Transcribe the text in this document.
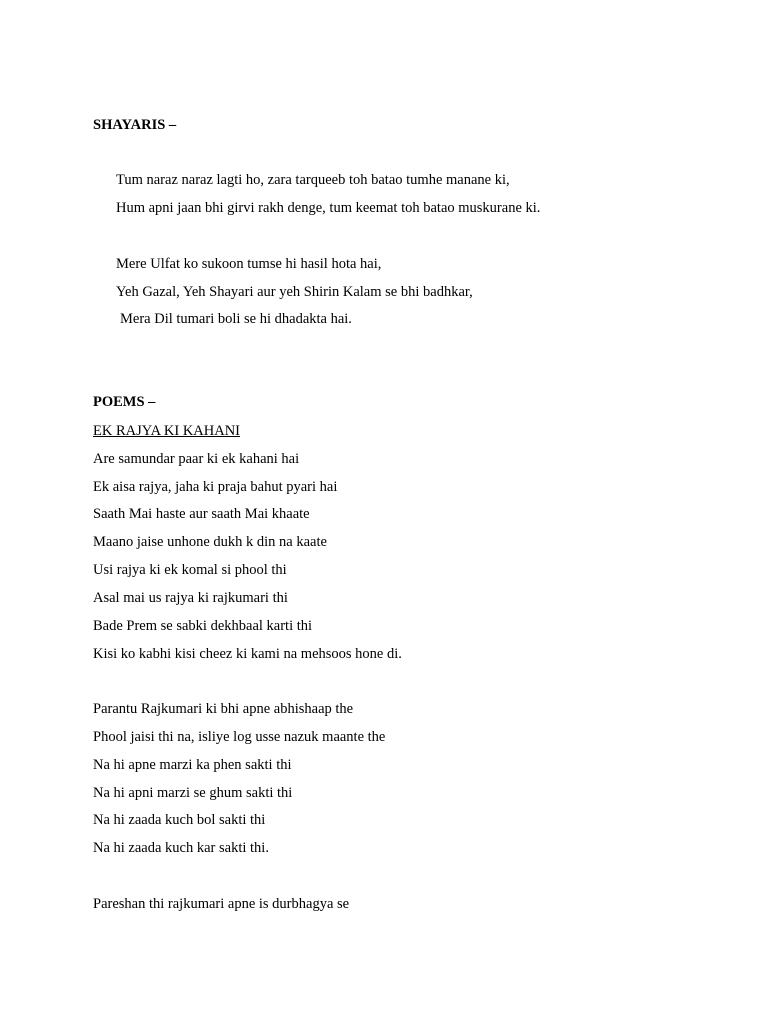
SHAYARIS –
Tum naraz naraz lagti ho, zara tarqueeb toh batao tumhe manane ki,
Hum apni jaan bhi girvi rakh denge, tum keemat toh batao muskurane ki.
Mere Ulfat ko sukoon tumse hi hasil hota hai,
Yeh Gazal, Yeh Shayari aur yeh Shirin Kalam se bhi badhkar,
Mera Dil tumari boli se hi dhadakta hai.
POEMS –
EK RAJYA KI KAHANI
Are samundar paar ki ek kahani hai
Ek aisa rajya, jaha ki praja bahut pyari hai
Saath Mai haste aur saath Mai khaate
Maano jaise unhone dukh k din na kaate
Usi rajya ki ek komal si phool thi
Asal mai us rajya ki rajkumari thi
Bade Prem se sabki dekhbaal karti thi
Kisi ko kabhi kisi cheez ki kami na mehsoos hone di.
Parantu Rajkumari ki bhi apne abhishaap the
Phool jaisi thi na, isliye log usse nazuk maante the
Na hi apne marzi ka phen sakti thi
Na hi apni marzi se ghum sakti thi
Na hi zaada kuch bol sakti thi
Na hi zaada kuch kar sakti thi.
Pareshan thi rajkumari apne is durbhagya se
